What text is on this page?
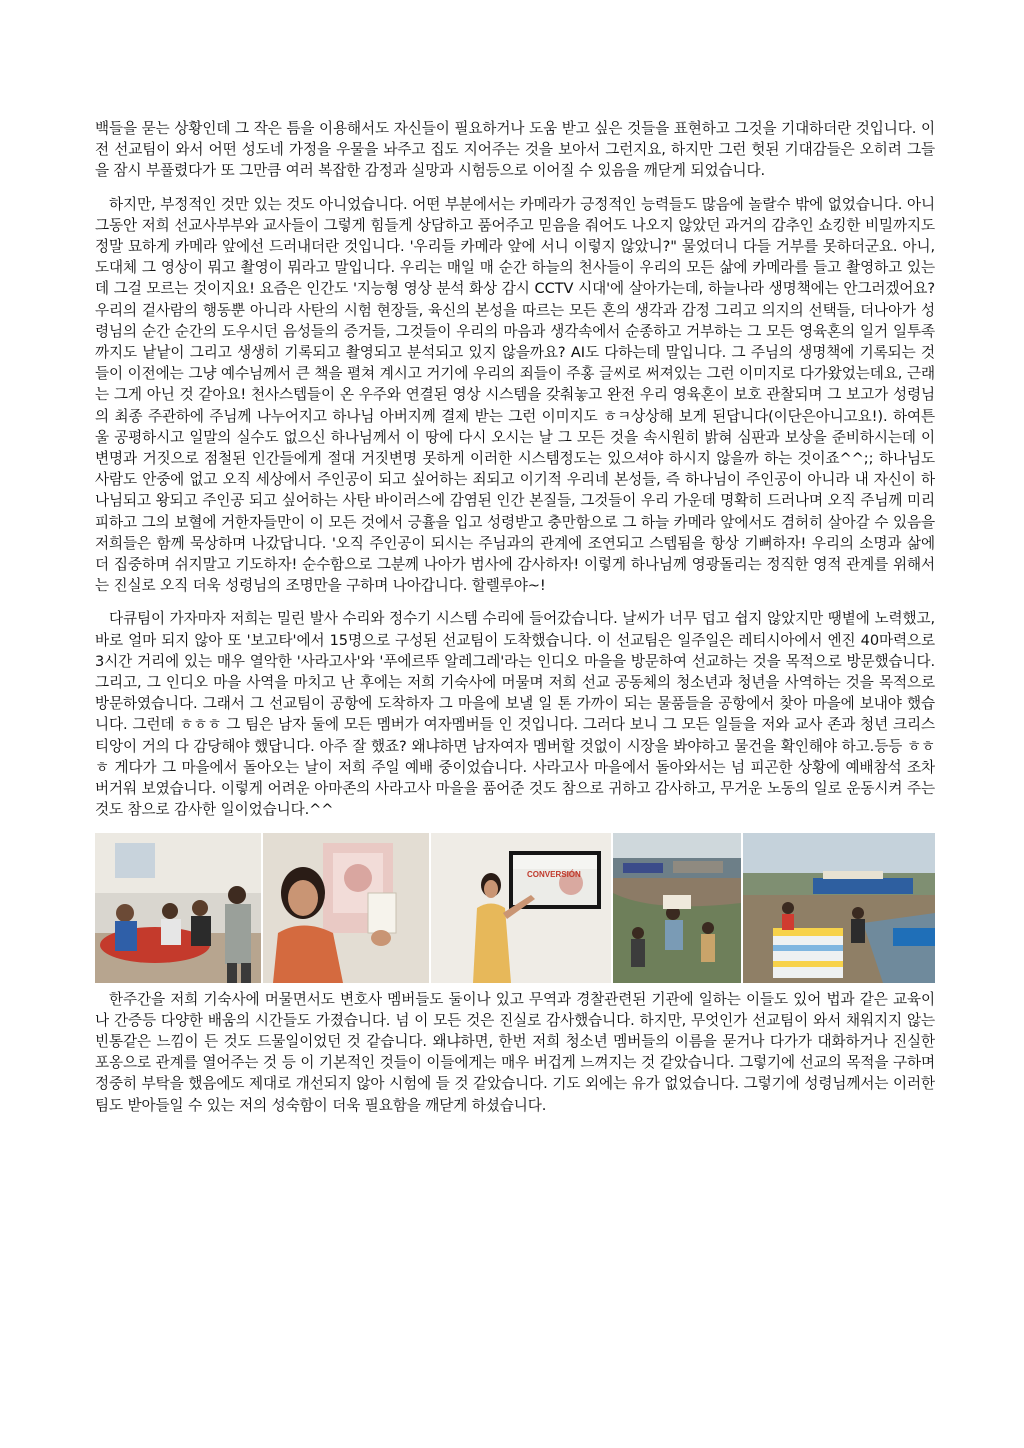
백들을 묻는 상황인데 그 작은 틈을 이용해서도 자신들이 필요하거나 도움 받고 싶은 것들을 표현하고 그것을 기대하더란 것입니다. 이전 선교팀이 와서 어떤 성도네 가정을 우물을 놔주고 집도 지어주는 것을 보아서 그런지요, 하지만 그런 헛된 기대감들은 오히려 그들을 잠시 부풀렸다가 또 그만큼 여러 복잡한 감정과 실망과 시험등으로 이어질 수 있음을 깨닫게 되었습니다.

하지만, 부정적인 것만 있는 것도 아니었습니다. 어떤 부분에서는 카메라가 긍정적인 능력들도 많음에 놀랄수 밖에 없었습니다. 아니 그동안 저희 선교사부부와 교사들이 그렇게 힘들게 상담하고 품어주고 믿음을 줘어도 나오지 않았던 과거의 감추인 쇼킹한 비밀까지도 정말 묘하게 카메라 앞에선 드러내더란 것입니다. '우리들 카메라 앞에 서니 이렇지 않았니?" 물었더니 다들 거부를 못하더군요. 아니, 도대체 그 영상이 뭐고 촬영이 뭐라고 말입니다. 우리는 매일 매 순간 하늘의 천사들이 우리의 모든 삶에 카메라를 들고 촬영하고 있는데 그걸 모르는 것이지요! 요즘은 인간도 '지능형 영상 분석 화상 감시 CCTV 시대'에 살아가는데, 하늘나라 생명책에는 안그러겠어요? 우리의 겉사람의 행동뿐 아니라 사탄의 시험 현장들, 육신의 본성을 따르는 모든 혼의 생각과 감정 그리고 의지의 선택들, 더나아가 성령님의 순간 순간의 도우시던 음성들의 증거들, 그것들이 우리의 마음과 생각속에서 순종하고 거부하는 그 모든 영육혼의 일거 일투족까지도 낱낱이 그리고 생생히 기록되고 촬영되고 분석되고 있지 않을까요? AI도 다하는데 말입니다. 그 주님의 생명책에 기록되는 것들이 이전에는 그냥 예수님께서 큰 책을 펼쳐 계시고 거기에 우리의 죄들이 주홍 글씨로 써져있는 그런 이미지로 다가왔었는데요, 근래는 그게 아닌 것 같아요! 천사스텝들이 온 우주와 연결된 영상 시스템을 갖춰놓고 완전 우리 영육혼이 보호 관찰되며 그 보고가 성령님의 최종 주관하에 주님께 나누어지고 하나님 아버지께 결제 받는 그런 이미지도 ㅎㅋ상상해 보게 된답니다(이단은아니고요!). 하여튼 울 공평하시고 일말의 실수도 없으신 하나님께서 이 땅에 다시 오시는 날 그 모든 것을 속시원히 밝혀 심판과 보상을 준비하시는데 이 변명과 거짓으로 점철된 인간들에게 절대 거짓변명 못하게 이러한 시스템정도는 있으셔야 하시지 않을까 하는 것이죠^^;; 하나님도 사람도 안중에 없고 오직 세상에서 주인공이 되고 싶어하는 죄되고 이기적 우리네 본성들, 즉 하나님이 주인공이 아니라 내 자신이 하나님되고 왕되고 주인공 되고 싶어하는 사탄 바이러스에 감염된 인간 본질들, 그것들이 우리 가운데 명확히 드러나며 오직 주님께 미리 피하고 그의 보혈에 거한자들만이 이 모든 것에서 긍휼을 입고 성령받고 충만함으로 그 하늘 카메라 앞에서도 겸허히 살아갈 수 있음을 저희들은 함께 묵상하며 나갔답니다. '오직 주인공이 되시는 주님과의 관계에 조연되고 스텝됨을 항상 기뻐하자! 우리의 소명과 삶에 더 집중하며 쉬지말고 기도하자! 순수함으로 그분께 나아가 범사에 감사하자! 이렇게 하나님께 영광돌리는 정직한 영적 관계를 위해서는 진실로 오직 더욱 성령님의 조명만을 구하며 나아갑니다. 할렐루야~!

다큐팀이 가자마자 저희는 밀린 발사 수리와 정수기 시스템 수리에 들어갔습니다. 날씨가 너무 덥고 쉽지 않았지만 땡볕에 노력했고, 바로 얼마 되지 않아 또 '보고타'에서 15명으로 구성된 선교팀이 도착했습니다. 이 선교팀은 일주일은 레티시아에서 엔진 40마력으로 3시간 거리에 있는 매우 열악한 '사라고사'와 '푸에르뚜 알레그레'라는 인디오 마을을 방문하여 선교하는 것을 목적으로 방문했습니다. 그리고, 그 인디오 마을 사역을 마치고 난 후에는 저희 기숙사에 머물며 저희 선교 공동체의 청소년과 청년을 사역하는 것을 목적으로 방문하였습니다. 그래서 그 선교팀이 공항에 도착하자 그 마을에 보낼 일 톤 가까이 되는 물품들을 공항에서 찾아 마을에 보내야 했습니다. 그런데 ㅎㅎㅎ 그 팀은 남자 둘에 모든 멤버가 여자멤버들 인 것입니다. 그러다 보니 그 모든 일들을 저와 교사 존과 청년 크리스티앙이 거의 다 감당해야 했답니다. 아주 잘 했죠? 왜냐하면 남자여자 멤버할 것없이 시장을 봐야하고 물건을 확인해야 하고.등등 ㅎㅎㅎ 게다가 그 마을에서 돌아오는 날이 저희 주일 예배 중이었습니다. 사라고사 마을에서 돌아와서는 넘 피곤한 상황에 예배참석 조차 버거워 보였습니다. 이렇게 어려운 아마존의 사라고사 마을을 품어준 것도 참으로 귀하고 감사하고, 무거운 노동의 일로 운동시켜 주는것도 참으로 감사한 일이었습니다.^^

CONVERSIÓN

한주간을 저희 기숙사에 머물면서도 변호사 멤버들도 둘이나 있고 무역과 경찰관련된 기관에 일하는 이들도 있어 법과 같은 교육이나 간증등 다양한 배움의 시간들도 가졌습니다. 넘 이 모든 것은 진실로 감사했습니다. 하지만, 무엇인가 선교팀이 와서 채워지지 않는 빈통같은 느낌이 든 것도 드물일이었던 것 같습니다. 왜냐하면, 한번 저희 청소년 멤버들의 이름을 묻거나 다가가 대화하거나 진실한 포옹으로 관계를 열어주는 것 등 이 기본적인 것들이 이들에게는 매우 버겁게 느껴지는 것 같았습니다. 그렇기에 선교의 목적을 구하며 정중히 부탁을 했음에도 제대로 개선되지 않아 시험에 들 것 같았습니다. 기도 외에는 유가 없었습니다. 그렇기에 성령님께서는 이러한 팀도 받아들일 수 있는 저의 성숙함이 더욱 필요함을 깨닫게 하셨습니다.
